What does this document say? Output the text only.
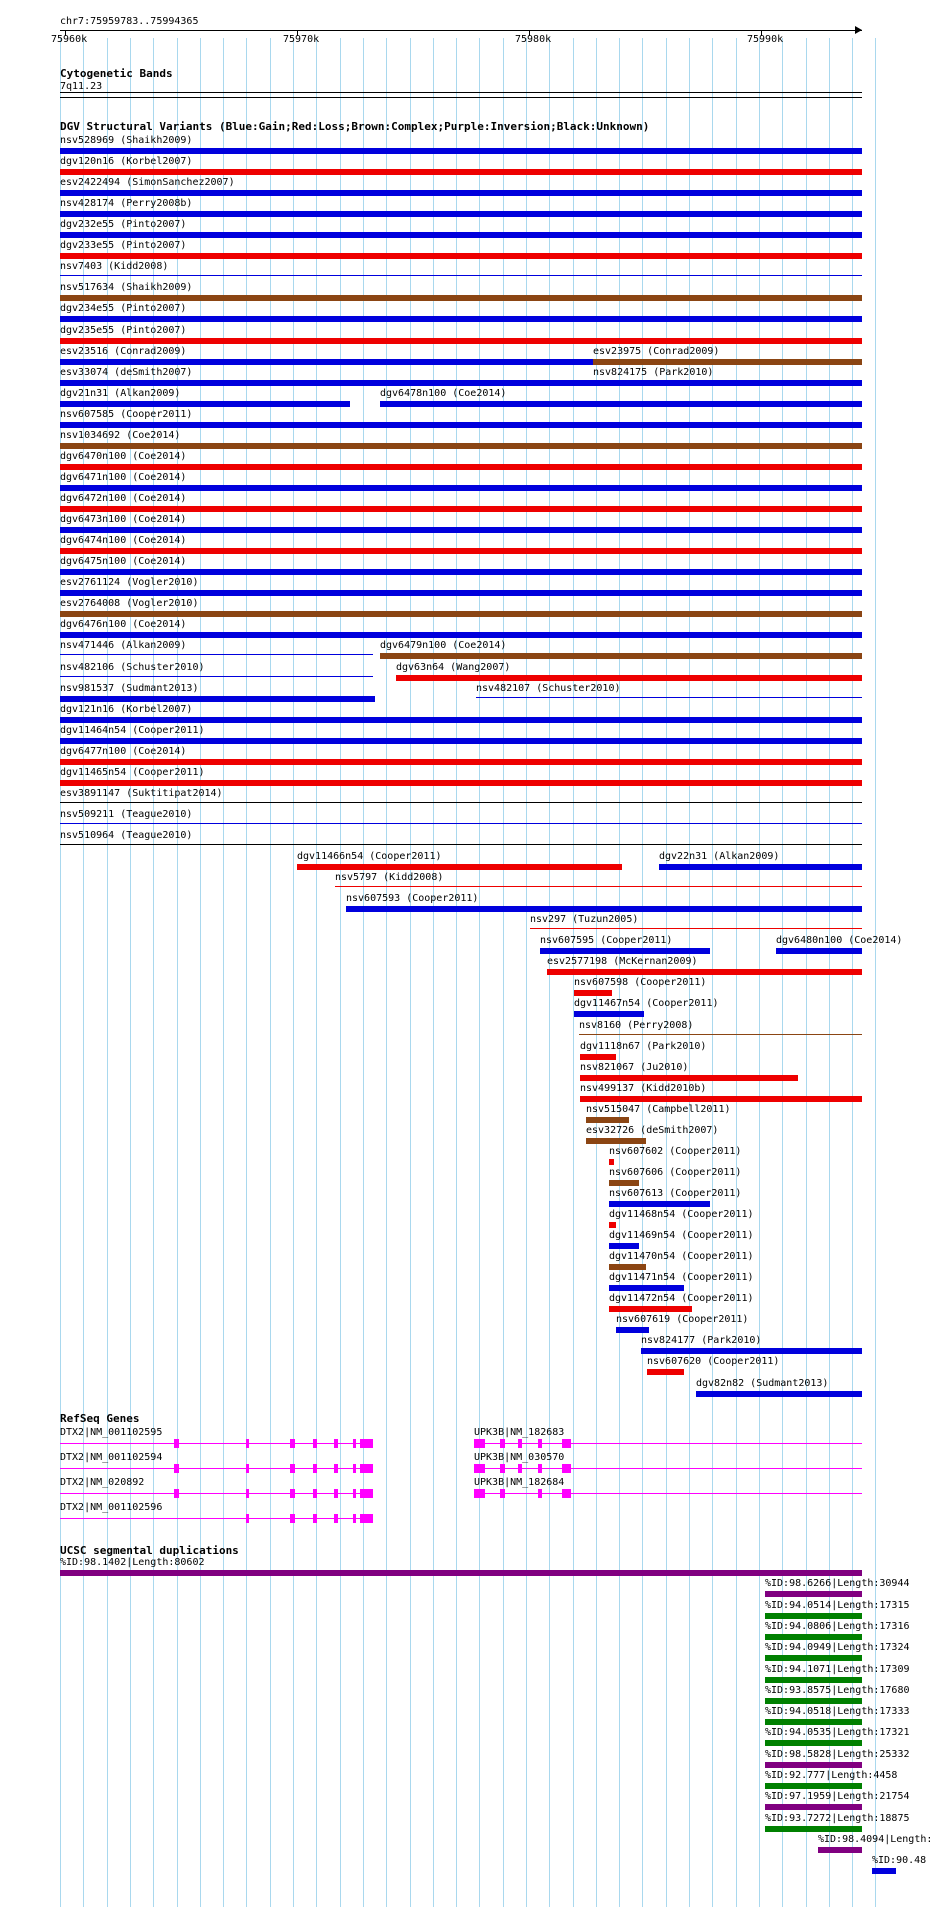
chr7:75959783..75994365
75960k	75970k	75980k	75990k
Cytogenetic Bands
7q11.23
DGV Structural Variants (Blue:Gain;Red:Loss;Brown:Complex;Purple:Inversion;Black:Unknown)
nsv528969 (Shaikh2009)
dgv120n16 (Korbel2007)
esv2422494 (SimonSanchez2007)
nsv428174 (Perry2008b)
dgv232e55 (Pinto2007)
dgv233e55 (Pinto2007)
nsv7403 (Kidd2008)
nsv517634 (Shaikh2009)
dgv234e55 (Pinto2007)
dgv235e55 (Pinto2007)
esv23516 (Conrad2009)	esv23975 (Conrad2009)
esv33074 (deSmith2007)	nsv824175 (Park2010)
dgv21n31 (Alkan2009)	dgv6478n100 (Coe2014)
nsv607585 (Cooper2011)
nsv1034692 (Coe2014)
dgv6470n100 (Coe2014)
dgv6471n100 (Coe2014)
dgv6472n100 (Coe2014)
dgv6473n100 (Coe2014)
dgv6474n100 (Coe2014)
dgv6475n100 (Coe2014)
esv2761124 (Vogler2010)
esv2764008 (Vogler2010)
dgv6476n100 (Coe2014)
nsv471446 (Alkan2009)	dgv6479n100 (Coe2014)
nsv482106 (Schuster2010)	dgv63n64 (Wang2007)
nsv981537 (Sudmant2013)	nsv482107 (Schuster2010)
dgv121n16 (Korbel2007)
dgv11464n54 (Cooper2011)
dgv6477n100 (Coe2014)
dgv11465n54 (Cooper2011)
esv3891147 (Suktitipat2014)
nsv509211 (Teague2010)
nsv510964 (Teague2010)
dgv11466n54 (Cooper2011)	dgv22n31 (Alkan2009)
nsv5797 (Kidd2008)
nsv607593 (Cooper2011)
nsv297 (Tuzun2005)
nsv607595 (Cooper2011)	dgv6480n100 (Coe2014)
esv2577198 (McKernan2009)
nsv607598 (Cooper2011)
dgv11467n54 (Cooper2011)
nsv8160 (Perry2008)
dgv1118n67 (Park2010)
nsv821067 (Ju2010)
nsv499137 (Kidd2010b)
nsv515047 (Campbell2011)
esv32726 (deSmith2007)
nsv607602 (Cooper2011)
nsv607606 (Cooper2011)
nsv607613 (Cooper2011)
dgv11468n54 (Cooper2011)
dgv11469n54 (Cooper2011)
dgv11470n54 (Cooper2011)
dgv11471n54 (Cooper2011)
dgv11472n54 (Cooper2011)
nsv607619 (Cooper2011)
nsv824177 (Park2010)
nsv607620 (Cooper2011)
dgv82n82 (Sudmant2013)
RefSeq Genes
DTX2|NM_001102595
DTX2|NM_001102594
DTX2|NM_020892
DTX2|NM_001102596
UPK3B|NM_182683
UPK3B|NM_030570
UPK3B|NM_182684
UCSC segmental duplications
%ID:98.1402|Length:80602
%ID:98.6266|Length:30944
%ID:94.0514|Length:17315
%ID:94.0806|Length:17316
%ID:94.0949|Length:17324
%ID:94.1071|Length:17309
%ID:93.8575|Length:17680
%ID:94.0518|Length:17333
%ID:94.0535|Length:17321
%ID:98.5828|Length:25332
%ID:92.777|Length:4458
%ID:97.1959|Length:21754
%ID:93.7272|Length:18875
%ID:98.4094|Length:
%ID:90.48
